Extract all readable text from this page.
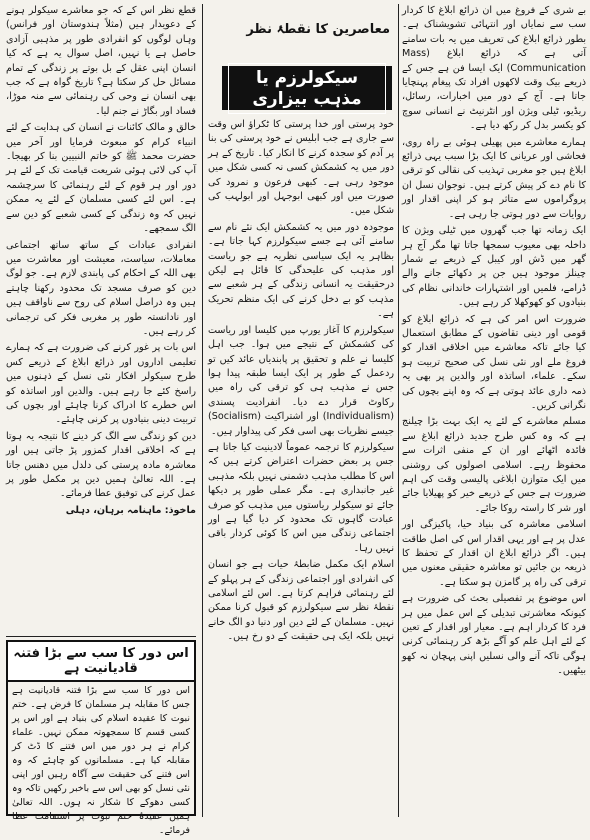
بے شری کے فروغ میں ان ذرائع ابلاغ کا کردار سب سے نمایاں اور انتہائی تشویشناک ہے۔ بطور ذرائع ابلاغ کی تعریف میں یہ بات سامنے آتی ہے کہ ذرائع ابلاغ (Mass Communication) ایک ایسا فن ہے جس کے ذریعے بیک وقت لاکھوں افراد تک پیغام پہنچایا جاتا ہے۔ آج کے دور میں اخبارات، رسائل، ریڈیو، ٹیلی ویژن اور انٹرنیٹ نے انسانی سوچ کو یکسر بدل کر رکھ دیا ہے۔

ہمارے معاشرے میں پھیلی ہوئی بے راہ روی، فحاشی اور عریانی کا ایک بڑا سبب یہی ذرائع ابلاغ ہیں جو مغربی تہذیب کی نقالی کو ترقی کا نام دے کر پیش کرتے ہیں۔ نوجوان نسل ان پروگراموں سے متاثر ہو کر اپنی اقدار اور روایات سے دور ہوتی جا رہی ہے۔

ایک زمانہ تھا جب گھروں میں ٹیلی ویژن کا داخلہ بھی معیوب سمجھا جاتا تھا مگر آج ہر گھر میں ڈش اور کیبل کے ذریعے بے شمار چینلز موجود ہیں جن پر دکھائے جانے والے ڈرامے، فلمیں اور اشتہارات خاندانی نظام کی بنیادوں کو کھوکھلا کر رہے ہیں۔

ضرورت اس امر کی ہے کہ ذرائع ابلاغ کو قومی اور دینی تقاضوں کے مطابق استعمال کیا جائے تاکہ معاشرے میں اخلاقی اقدار کو فروغ ملے اور نئی نسل کی صحیح تربیت ہو سکے۔ علماء، اساتذہ اور والدین پر بھی یہ ذمہ داری عائد ہوتی ہے کہ وہ اپنے بچوں کی نگرانی کریں۔

مسلم معاشرے کے لئے یہ ایک بہت بڑا چیلنج ہے کہ وہ کس طرح جدید ذرائع ابلاغ سے فائدہ اٹھائے اور ان کے منفی اثرات سے محفوظ رہے۔ اسلامی اصولوں کی روشنی میں ایک متوازن ابلاغی پالیسی وقت کی اہم ضرورت ہے جس کے ذریعے خیر کو پھیلایا جائے اور شر کا راستہ روکا جائے۔

اسلامی معاشرہ کی بنیاد حیا، پاکیزگی اور عدل پر ہے اور یہی اقدار اس کی اصل طاقت ہیں۔ اگر ذرائع ابلاغ ان اقدار کے تحفظ کا ذریعہ بن جائیں تو معاشرہ حقیقی معنوں میں ترقی کی راہ پر گامزن ہو سکتا ہے۔

اس موضوع پر تفصیلی بحث کی ضرورت ہے کیونکہ معاشرتی تبدیلی کے اس عمل میں ہر فرد کا کردار اہم ہے۔ معیار اور اقدار کے تعین کے لئے اہل علم کو آگے بڑھ کر رہنمائی کرنی ہوگی تاکہ آنے والی نسلیں اپنی پہچان نہ کھو بیٹھیں۔

معاصرین کا نقطۂ نظر
سیکولرزم یا مذہب بیزاری

خود پرستی اور خدا پرستی کا ٹکراؤ اس وقت سے جاری ہے جب ابلیس نے خود پرستی کی بنا پر آدم کو سجدہ کرنے کا انکار کیا۔ تاریخ کے ہر دور میں یہ کشمکش کسی نہ کسی شکل میں موجود رہی ہے۔ کبھی فرعون و نمرود کی صورت میں اور کبھی ابوجہل اور ابولہب کی شکل میں۔

موجودہ دور میں یہ کشمکش ایک نئے نام سے سامنے آئی ہے جسے سیکولرزم کہا جاتا ہے۔ بظاہر یہ ایک سیاسی نظریہ ہے جو ریاست اور مذہب کی علیحدگی کا قائل ہے لیکن درحقیقت یہ انسانی زندگی کے ہر شعبے سے مذہب کو بے دخل کرنے کی ایک منظم تحریک ہے۔

سیکولرزم کا آغاز یورپ میں کلیسا اور ریاست کی کشمکش کے نتیجے میں ہوا۔ جب اہل کلیسا نے علم و تحقیق پر پابندیاں عائد کیں تو ردعمل کے طور پر ایک ایسا طبقہ پیدا ہوا جس نے مذہب ہی کو ترقی کی راہ میں رکاوٹ قرار دے دیا۔ انفرادیت پسندی (Individualism) اور اشتراکیت (Socialism) جیسے نظریات بھی اسی فکر کی پیداوار ہیں۔

سیکولرزم کا ترجمہ عموماً لادینیت کیا جاتا ہے جس پر بعض حضرات اعتراض کرتے ہیں کہ اس کا مطلب مذہب دشمنی نہیں بلکہ مذہبی غیر جانبداری ہے۔ مگر عملی طور پر دیکھا جائے تو سیکولر ریاستوں میں مذہب کو صرف عبادت گاہوں تک محدود کر دیا گیا ہے اور اجتماعی زندگی میں اس کا کوئی کردار باقی نہیں رہا۔

اسلام ایک مکمل ضابطۂ حیات ہے جو انسان کی انفرادی اور اجتماعی زندگی کے ہر پہلو کے لئے رہنمائی فراہم کرتا ہے۔ اس لئے اسلامی نقطۂ نظر سے سیکولرزم کو قبول کرنا ممکن نہیں۔ مسلمان کے لئے دین اور دنیا دو الگ خانے نہیں بلکہ ایک ہی حقیقت کے دو رخ ہیں۔

قطع نظر اس کے کہ جو معاشرے سیکولر ہونے کے دعویدار ہیں (مثلاً ہندوستان اور فرانس) وہاں لوگوں کو انفرادی طور پر مذہبی آزادی حاصل ہے یا نہیں، اصل سوال یہ ہے کہ کیا انسان اپنی عقل کے بل بوتے پر زندگی کے تمام مسائل حل کر سکتا ہے؟ تاریخ گواہ ہے کہ جب بھی انسان نے وحی کی رہنمائی سے منہ موڑا، فساد اور بگاڑ نے جنم لیا۔

خالق و مالک کائنات نے انسان کی ہدایت کے لئے انبیاء کرام کو مبعوث فرمایا اور آخر میں حضرت محمد ﷺ کو خاتم النبیین بنا کر بھیجا۔ آپ کی لائی ہوئی شریعت قیامت تک کے لئے ہر دور اور ہر قوم کے لئے رہنمائی کا سرچشمہ ہے۔ اس لئے کسی مسلمان کے لئے یہ ممکن نہیں کہ وہ زندگی کے کسی شعبے کو دین سے الگ سمجھے۔

انفرادی عبادات کے ساتھ ساتھ اجتماعی معاملات، سیاست، معیشت اور معاشرت میں بھی اللہ کے احکام کی پابندی لازم ہے۔ جو لوگ دین کو صرف مسجد تک محدود رکھنا چاہتے ہیں وہ دراصل اسلام کی روح سے ناواقف ہیں اور نادانستہ طور پر مغربی فکر کی ترجمانی کر رہے ہیں۔

اس بات پر غور کرنے کی ضرورت ہے کہ ہمارے تعلیمی اداروں اور ذرائع ابلاغ کے ذریعے کس طرح سیکولر افکار نئی نسل کے ذہنوں میں راسخ کئے جا رہے ہیں۔ والدین اور اساتذہ کو اس خطرے کا ادراک کرنا چاہئے اور بچوں کی تربیت دینی بنیادوں پر کرنی چاہئے۔

دین کو زندگی سے الگ کر دینے کا نتیجہ یہ ہوتا ہے کہ اخلاقی اقدار کمزور پڑ جاتی ہیں اور معاشرہ مادہ پرستی کی دلدل میں دھنس جاتا ہے۔ اللہ تعالیٰ ہمیں دین پر مکمل طور پر عمل کرنے کی توفیق عطا فرمائے۔

ماخوذ: ماہنامہ برہان، دہلی

اس دور کا سب سے بڑا فتنہ قادیانیت ہے
اس دور کا سب سے بڑا فتنہ قادیانیت ہے جس کا مقابلہ ہر مسلمان کا فرض ہے۔ ختم نبوت کا عقیدہ اسلام کی بنیاد ہے اور اس پر کسی قسم کا سمجھوتہ ممکن نہیں۔ علماء کرام نے ہر دور میں اس فتنے کا ڈٹ کر مقابلہ کیا ہے۔ مسلمانوں کو چاہئے کہ وہ اس فتنے کی حقیقت سے آگاہ رہیں اور اپنی نئی نسل کو بھی اس سے باخبر رکھیں تاکہ وہ کسی دھوکے کا شکار نہ ہوں۔ اللہ تعالیٰ ہمیں عقیدۂ ختم نبوت پر استقامت عطا فرمائے۔
